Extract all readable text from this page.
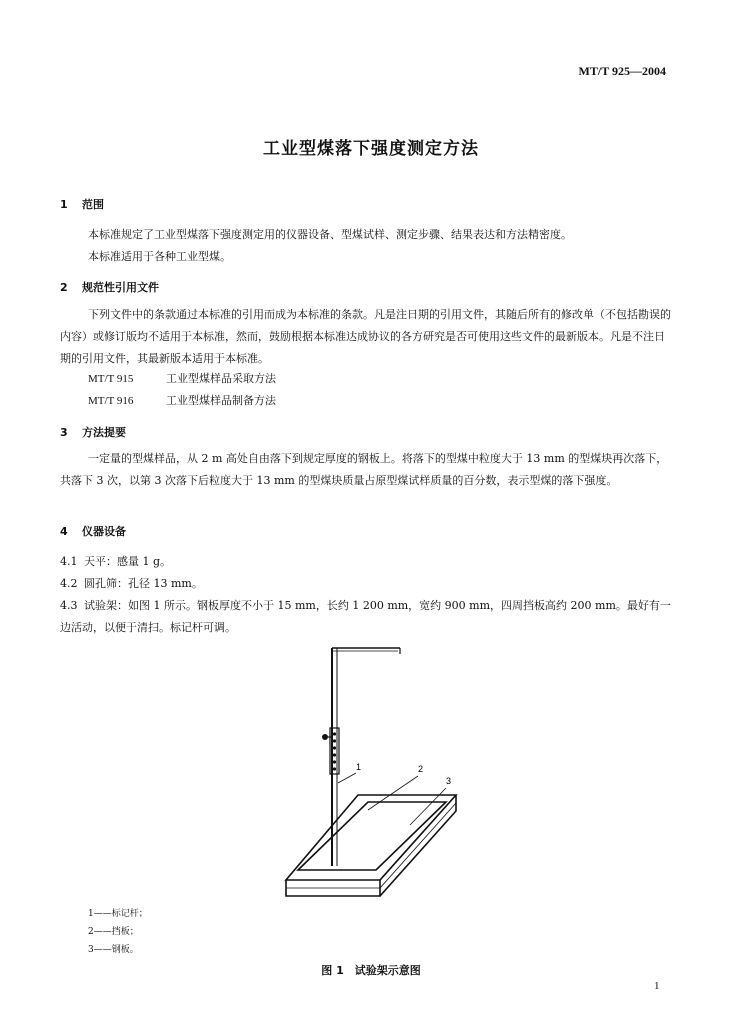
MT/T 925—2004
工业型煤落下强度测定方法
1 范围
本标准规定了工业型煤落下强度测定用的仪器设备、型煤试样、测定步骤、结果表达和方法精密度。
本标准适用于各种工业型煤。
2 规范性引用文件
下列文件中的条款通过本标准的引用而成为本标准的条款。凡是注日期的引用文件，其随后所有的修改单（不包括勘误的内容）或修订版均不适用于本标准，然而，鼓励根据本标准达成协议的各方研究是否可使用这些文件的最新版本。凡是不注日期的引用文件，其最新版本适用于本标准。
MT/T 915	工业型煤样品采取方法
MT/T 916	工业型煤样品制备方法
3 方法提要
一定量的型煤样品，从 2 m 高处自由落下到规定厚度的钢板上。将落下的型煤中粒度大于 13 mm 的型煤块再次落下，共落下 3 次，以第 3 次落下后粒度大于 13 mm 的型煤块质量占原型煤试样质量的百分数，表示型煤的落下强度。
4 仪器设备
4.1 天平：感量 1 g。
4.2 圆孔筛：孔径 13 mm。
4.3 试验架：如图 1 所示。钢板厚度不小于 15 mm，长约 1 200 mm，宽约 900 mm，四周挡板高约 200 mm。最好有一边活动，以便于清扫。标记杆可调。
1	2
3
1——标记杆；
2——挡板；
3——钢板。
图 1　试验架示意图
1
